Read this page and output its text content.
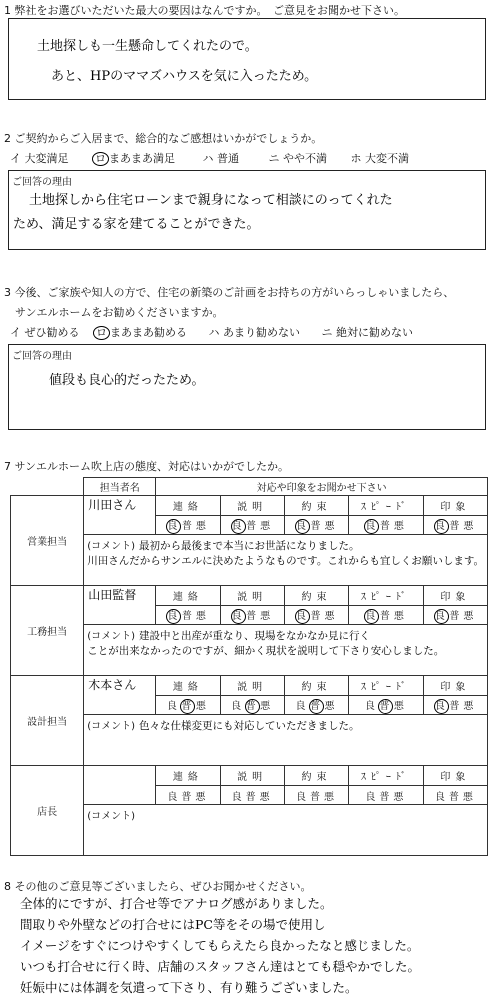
1 弊社をお選びいただいた最大の要因はなんですか。　ご意見をお聞かせ下さい。
土地探しも一生懸命してくれたので。
あと、HPのママズハウスを気に入ったため。
2 ご契約からご入居まで、総合的なご感想はいかがでしょうか。
イ 大変満足 ロ まあまあ満足	ハ 普通	ニ やや不満 ホ 大変不満
ご回答の理由
土地探しから住宅ローンまで親身になって相談にのってくれた
ため、満足する家を建てることができた。
3 今後、ご家族や知人の方で、住宅の新築のご計画をお持ちの方がいらっしゃいましたら、
　サンエルホームをお勧めくださいますか。
イ ぜひ勧める ロ まあまあ勧める ハ あまり勧めない ニ 絶対に勧めない
ご回答の理由
値段も良心的だったため。
7 サンエルホーム吹上店の態度、対応はいかがでしたか。
	担当者名	対応や印象をお聞かせ下さい				
営業担当	川田さん	連絡	説明	約束	ｽﾋﾟｰﾄﾞ	印象
		良 普悪	良 普悪	良 普悪	良 普悪	良 普悪
	(コメント) 最初から最後まで本当にお世話になりました。
川田さんだからサンエルに決めたようなものです。これからも宜しくお願いします。					

工務担当	山田監督	連絡	説明	約束	ｽﾋﾟｰﾄﾞ	印象
		良 普悪	良 普悪	良 普悪	良 普悪	良 普悪
	(コメント) 建設中と出産が重なり、現場をなかなか見に行く
ことが出来なかったのですが、細かく現状を説明して下さり安心しました。					

設計担当	木本さん	連絡	説明	約束	ｽﾋﾟｰﾄﾞ	印象
		良 普 悪	良 普 悪	良 普 悪	良 普 悪	良 普悪
	(コメント) 色々な仕様変更にも対応していただきました。					
店長		連絡	説明	約束	ｽﾋﾟｰﾄﾞ	印象
		良普悪	良普悪	良普悪	良普悪	良普悪
	(コメント)					
8 その他のご意見等ございましたら、ぜひお聞かせください。
全体的にですが、打合せ等でアナログ感がありました。
間取りや外壁などの打合せにはPC等をその場で使用し
イメージをすぐにつけやすくしてもらえたら良かったなと感じました。
いつも打合せに行く時、店舗のスタッフさん達はとても穏やかでした。
妊娠中には体調を気遣って下さり、有り難うございました。
